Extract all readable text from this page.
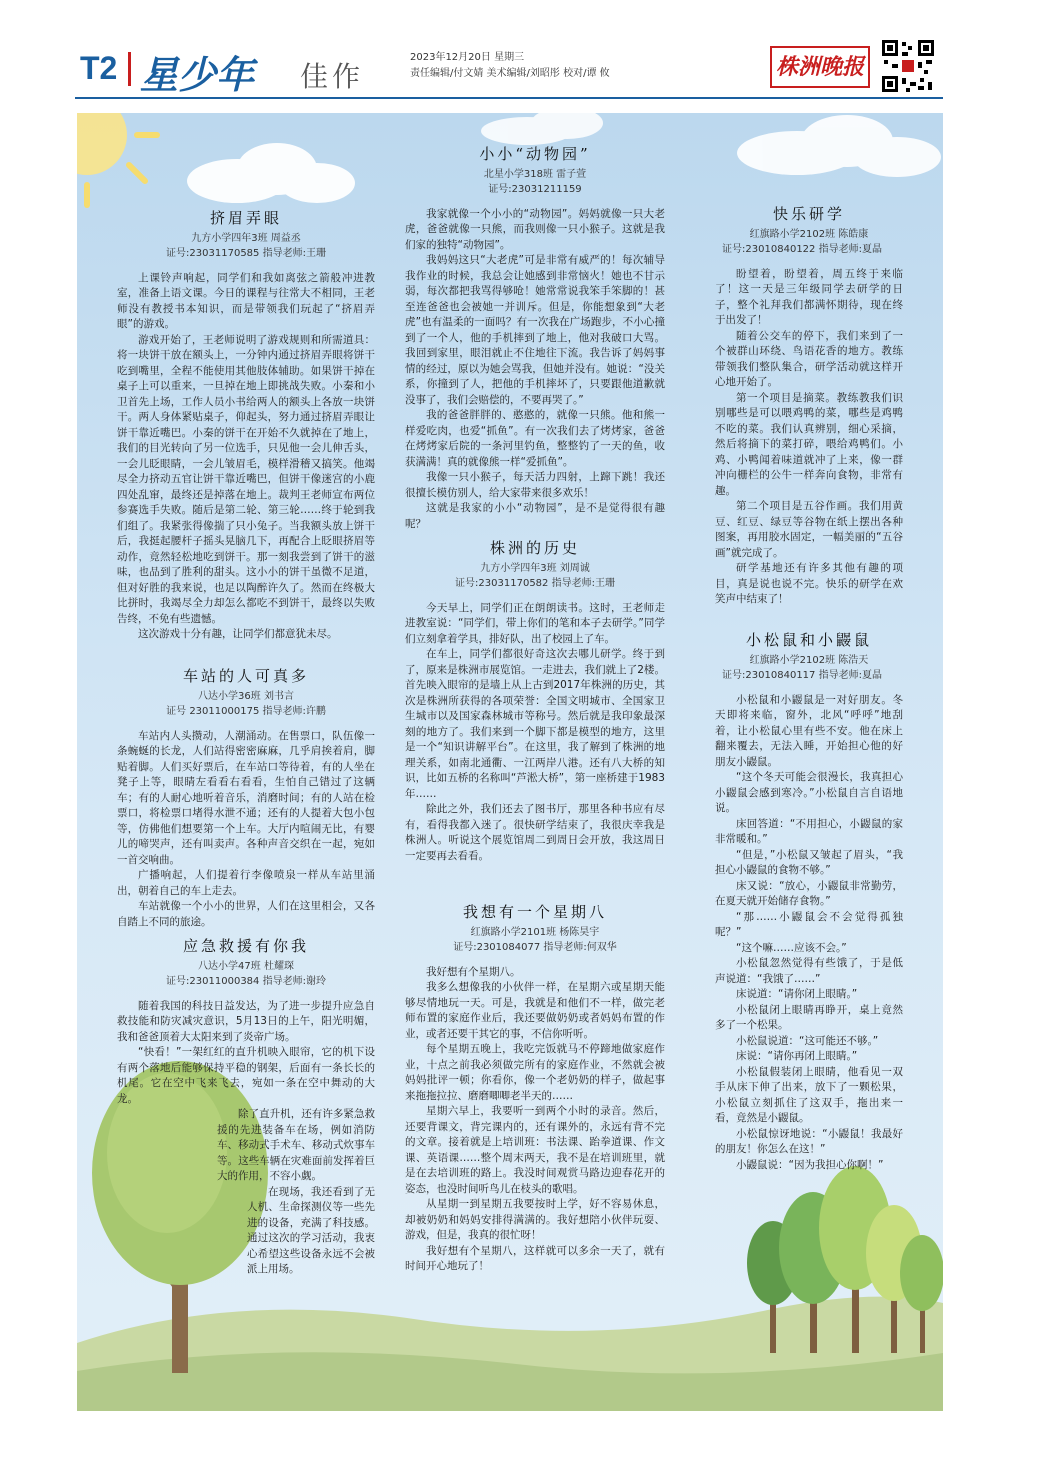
T2 星少年 佳作
2023年12月20日 星期三
责任编辑/付文婧 美术编辑/刘昭彤 校对/谭 攸	株洲晚报
挤眉弄眼
九方小学四年3班 周益丞
证号:23031170585 指导老师:王珊

上课铃声响起，同学们和我如离弦之箭般冲进教室，准备上语文课。今日的课程与往常大不相同，王老师没有教授书本知识，而是带领我们玩起了“挤眉弄眼”的游戏。

游戏开始了，王老师说明了游戏规则和所需道具：将一块饼干放在额头上，一分钟内通过挤眉弄眼将饼干吃到嘴里，全程不能使用其他肢体辅助。如果饼干掉在桌子上可以重来，一旦掉在地上即挑战失败。小秦和小卫首先上场，工作人员小书给两人的额头上各放一块饼干。两人身体紧贴桌子，仰起头，努力通过挤眉弄眼让饼干靠近嘴巴。小秦的饼干在开始不久就掉在了地上，我们的目光转向了另一位选手，只见他一会儿伸舌头，一会儿眨眼睛，一会儿皱眉毛，模样滑稽又搞笑。他竭尽全力挤动五官让饼干靠近嘴巴，但饼干像迷宫的小鹿四处乱窜，最终还是掉落在地上。裁判王老师宣布两位参赛选手失败。随后是第二轮、第三轮……终于轮到我们组了。我紧张得像揣了只小兔子。当我额头放上饼干后，我挺起腰杆子摇头晃脑几下，再配合上眨眼挤眉等动作，竟然轻松地吃到饼干。那一刻我尝到了饼干的滋味，也品到了胜利的甜头。这小小的饼干虽微不足道，但对好胜的我来说，也足以陶醉许久了。然而在终极大比拼时，我竭尽全力却怎么都吃不到饼干，最终以失败告终，不免有些遗憾。

这次游戏十分有趣，让同学们都意犹未尽。

车站的人可真多
八达小学36班 刘书言
证号 23011000175 指导老师:许鹏

车站内人头攒动，人潮涌动。在售票口，队伍像一条蜿蜒的长龙，人们站得密密麻麻，几乎肩挨着肩，脚贴着脚。人们买好票后，在车站口等待着，有的人坐在凳子上等，眼睛左看看右看看，生怕自己错过了这辆车；有的人耐心地听着音乐，消磨时间；有的人站在检票口，将检票口堵得水泄不通；还有的人提着大包小包等，仿佛他们想要第一个上车。大厅内喧闹无比，有婴儿的啼哭声，还有叫卖声。各种声音交织在一起，宛如一首交响曲。

广播响起，人们提着行李像喷泉一样从车站里涌出，朝着自己的车上走去。

车站就像一个小小的世界，人们在这里相会，又各自踏上不同的旅途。

应急救援有你我
八达小学47班 杜耀琛
证号:23011000384 指导老师:谢玲

随着我国的科技日益发达，为了进一步提升应急自救技能和防灾减灾意识，5月13日的上午，阳光明媚，我和爸爸顶着大太阳来到了炎帝广场。

“快看！”一架红红的直升机映入眼帘，它的机下设有两个落地后能够保持平稳的钢架，后面有一条长长的机尾。它在空中飞来飞去，宛如一条在空中舞动的大龙。

除了直升机，还有许多紧急救援的先进装备车在场，例如消防车、移动式手术车、移动式炊事车等。这些车辆在灾难面前发挥着巨大的作用，不容小觑。

在现场，我还看到了无人机、生命探测仪等一些先进的设备，充满了科技感。通过这次的学习活动，我衷心希望这些设备永远不会被派上用场。

小小“动物园”
北星小学318班 雷子萱
证号:23031211159

我家就像一个小小的“动物园”。妈妈就像一只大老虎，爸爸就像一只熊，而我则像一只小猴子。这就是我们家的独特“动物园”。

我妈妈这只“大老虎”可是非常有威严的！每次辅导我作业的时候，我总会让她感到非常恼火！她也不甘示弱，每次都把我骂得够呛！她常常说我笨手笨脚的！甚至连爸爸也会被她一并训斥。但是，你能想象到“大老虎”也有温柔的一面吗？有一次我在广场跑步，不小心撞到了一个人，他的手机摔到了地上，他对我破口大骂。我回到家里，眼泪就止不住地往下流。我告诉了妈妈事情的经过，原以为她会骂我，但她并没有。她说：“没关系，你撞到了人，把他的手机摔坏了，只要跟他道歉就没事了，我们会赔偿的，不要再哭了。”

我的爸爸胖胖的、憨憨的，就像一只熊。他和熊一样爱吃肉，也爱“抓鱼”。有一次我们去了烤烤家，爸爸在烤烤家后院的一条河里钓鱼，整整钓了一天的鱼，收获满满！真的就像熊一样“爱抓鱼”。

我像一只小猴子，每天活力四射，上蹿下跳！我还很擅长模仿别人，给大家带来很多欢乐！

这就是我家的小小“动物园”，是不是觉得很有趣呢？

株洲的历史
九方小学四年3班 刘周诚
证号:23031170582 指导老师:王珊

今天早上，同学们正在朗朗读书。这时，王老师走进教室说：“同学们，带上你们的笔和本子去研学。”同学们立刻拿着学具，排好队，出了校园上了车。

在车上，同学们都很好奇这次去哪儿研学。终于到了，原来是株洲市展览馆。一走进去，我们就上了2楼。首先映入眼帘的是墙上从上古到2017年株洲的历史，其次是株洲所获得的各项荣誉：全国文明城市、全国家卫生城市以及国家森林城市等称号。然后就是我印象最深刻的地方了。我们来到一个脚下都是模型的地方，这里是一个“知识讲解平台”。在这里，我了解到了株洲的地理关系，如南北通衢、一江两岸八港。还有八大桥的知识，比如五桥的名称叫“芦淞大桥”，第一座桥建于1983年……

除此之外，我们还去了图书厅，那里各种书应有尽有，看得我都入迷了。很快研学结束了，我很庆幸我是株洲人。听说这个展览馆周二到周日会开放，我这周日一定要再去看看。

我想有一个星期八
红旗路小学2101班 杨陈昊宇
证号:2301084077 指导老师:何双华

我好想有个星期八。

我多么想像我的小伙伴一样，在星期六或星期天能够尽情地玩一天。可是，我就是和他们不一样，做完老师布置的家庭作业后，我还要做奶奶或者妈妈布置的作业，或者还要干其它的事，不信你听听。

每个星期五晚上，我吃完饭就马不停蹄地做家庭作业，十点之前我必须做完所有的家庭作业，不然就会被妈妈批评一顿；你看你，像一个老奶奶的样子，做起事来拖拖拉拉、磨磨唧唧老半天的……

星期六早上，我要听一到两个小时的录音。然后，还要背课文，背完课内的，还有课外的，永远有背不完的文章。接着就是上培训班：书法课、跆拳道课、作文课、英语课……整个周末两天，我不是在培训班里，就是在去培训班的路上。我没时间观赏马路边迎春花开的姿态，也没时间听鸟儿在枝头的歌唱。

从星期一到星期五我要按时上学，好不容易休息，却被奶奶和妈妈安排得满满的。我好想陪小伙伴玩耍、游戏，但是，我真的很忙呀！

我好想有个星期八，这样就可以多余一天了，就有时间开心地玩了！

快乐研学
红旗路小学2102班 陈皓康
证号:23010840122 指导老师:夏晶

盼望着，盼望着，周五终于来临了！这一天是三年级同学去研学的日子，整个礼拜我们都满怀期待，现在终于出发了！

随着公交车的停下，我们来到了一个被群山环绕、鸟语花香的地方。教练带领我们整队集合，研学活动就这样开心地开始了。

第一个项目是摘菜。教练教我们识别哪些是可以喂鸡鸭的菜，哪些是鸡鸭不吃的菜。我们认真辨别，细心采摘，然后将摘下的菜打碎，喂给鸡鸭们。小鸡、小鸭闻着味道就冲了上来，像一群冲向栅栏的公牛一样奔向食物，非常有趣。

第二个项目是五谷作画。我们用黄豆、红豆、绿豆等谷物在纸上摆出各种图案，再用胶水固定，一幅美丽的“五谷画”就完成了。

研学基地还有许多其他有趣的项目，真是说也说不完。快乐的研学在欢笑声中结束了！

小松鼠和小鼹鼠
红旗路小学2102班 陈浩天
证号:23010840117 指导老师:夏晶

小松鼠和小鼹鼠是一对好朋友。冬天即将来临，窗外，北风“呼呼”地刮着，让小松鼠心里有些不安。他在床上翻来覆去，无法入睡，开始担心他的好朋友小鼹鼠。

“这个冬天可能会很漫长，我真担心小鼹鼠会感到寒冷。”小松鼠自言自语地说。

床回答道：“不用担心，小鼹鼠的家非常暖和。”

“但是，”小松鼠又皱起了眉头，“我担心小鼹鼠的食物不够。”

床又说：“放心，小鼹鼠非常勤劳，在夏天就开始储存食物。”

“那……小鼹鼠会不会觉得孤独呢？”

“这个嘛……应该不会。”

小松鼠忽然觉得有些饿了，于是低声说道：“我饿了……”

床说道：“请你闭上眼睛。”

小松鼠闭上眼睛再睁开，桌上竟然多了一个松果。

小松鼠说道：“这可能还不够。”

床说：“请你再闭上眼睛。”

小松鼠假装闭上眼睛，他看见一双手从床下伸了出来，放下了一颗松果，小松鼠立刻抓住了这双手，拖出来一看，竟然是小鼹鼠。

小松鼠惊讶地说：“小鼹鼠！我最好的朋友！你怎么在这！”

小鼹鼠说：“因为我担心你啊！”
